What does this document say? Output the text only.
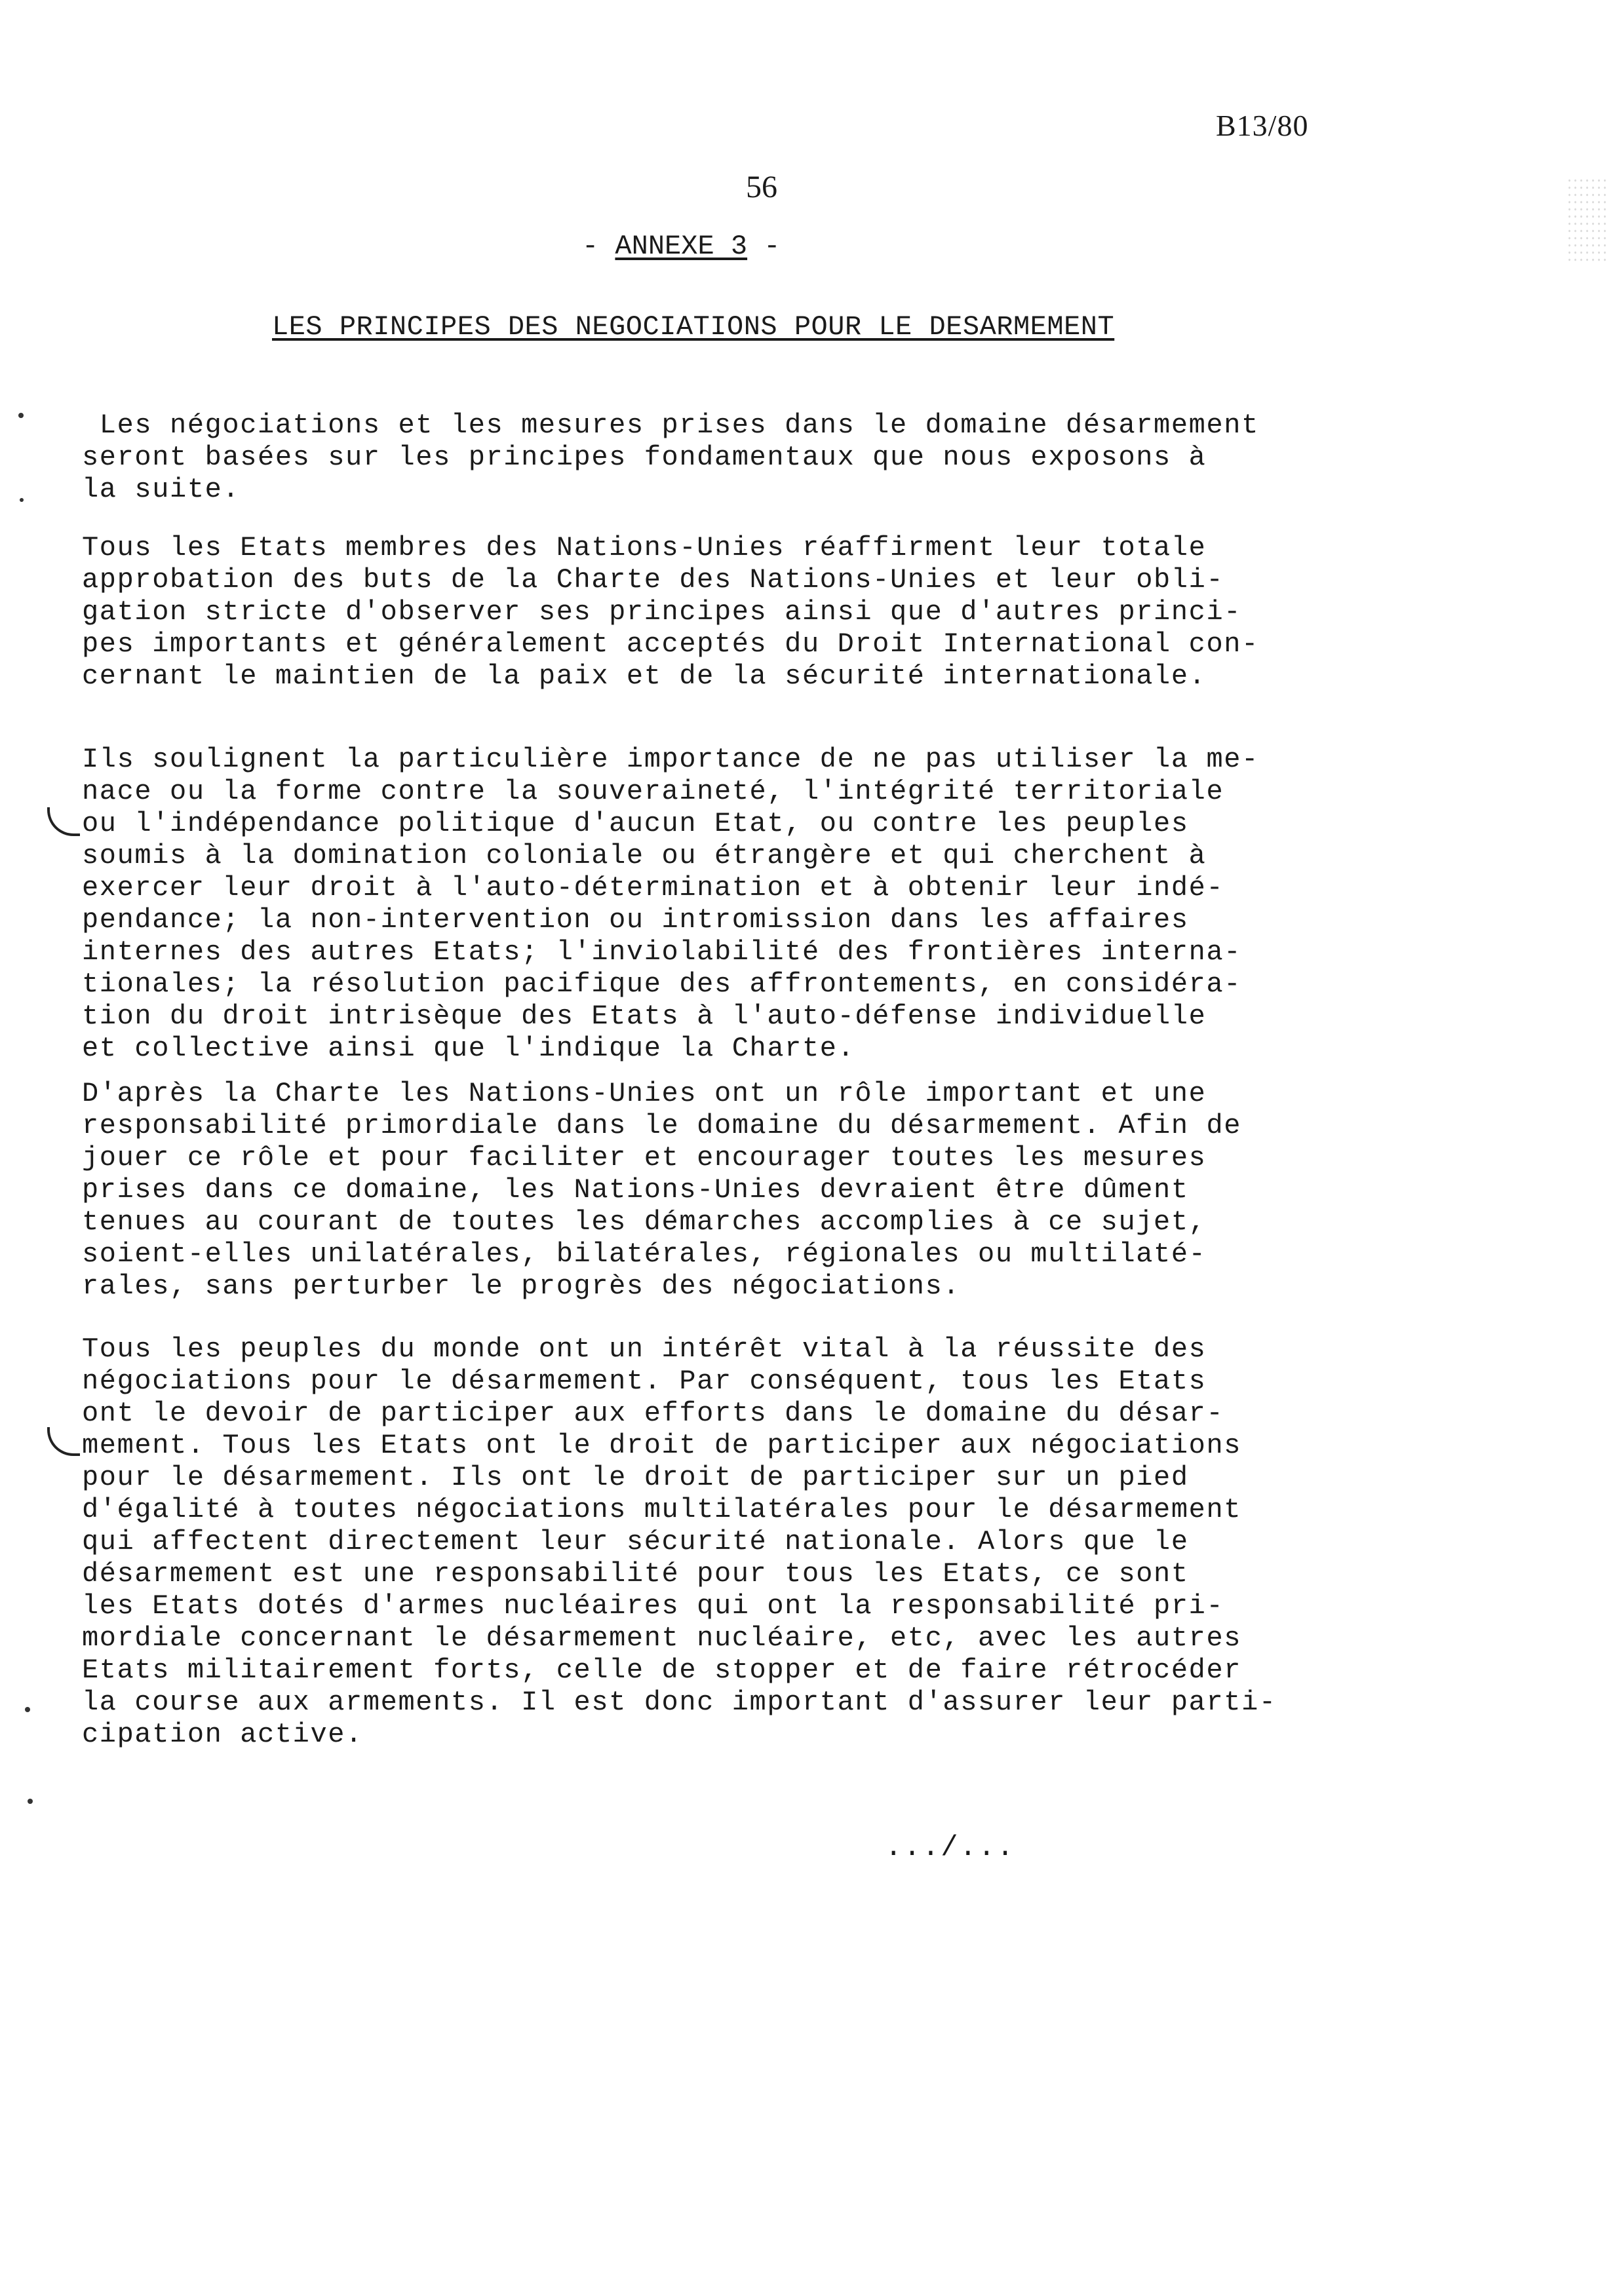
B13/80
56
- ANNEXE 3 -
LES PRINCIPES DES NEGOCIATIONS POUR LE DESARMEMENT
Les négociations et les mesures prises dans le domaine désarmement
seront basées sur les principes fondamentaux que nous exposons à
la suite.
Tous les Etats membres des Nations-Unies réaffirment leur totale
approbation des buts de la Charte des Nations-Unies et leur obli-
gation stricte d'observer ses principes ainsi que d'autres princi-
pes importants et généralement acceptés du Droit International con-
cernant le maintien de la paix et de la sécurité internationale.
Ils soulignent la particulière importance de ne pas utiliser la me-
nace ou la forme contre la souveraineté, l'intégrité territoriale
ou l'indépendance politique d'aucun Etat, ou contre les peuples
soumis à la domination coloniale ou étrangère et qui cherchent à
exercer leur droit à l'auto-détermination et à obtenir leur indé-
pendance; la non-intervention ou intromission dans les affaires
internes des autres Etats; l'inviolabilité des frontières interna-
tionales; la résolution pacifique des affrontements, en considéra-
tion du droit intrisèque des Etats à l'auto-défense individuelle
et collective ainsi que l'indique la Charte.
D'après la Charte les Nations-Unies ont un rôle important et une
responsabilité primordiale dans le domaine du désarmement. Afin de
jouer ce rôle et pour faciliter et encourager toutes les mesures
prises dans ce domaine, les Nations-Unies devraient être dûment
tenues au courant de toutes les démarches accomplies à ce sujet,
soient-elles unilatérales, bilatérales, régionales ou multilaté-
rales, sans perturber le progrès des négociations.
Tous les peuples du monde ont un intérêt vital à la réussite des
négociations pour le désarmement. Par conséquent, tous les Etats
ont le devoir de participer aux efforts dans le domaine du désar-
mement. Tous les Etats ont le droit de participer aux négociations
pour le désarmement. Ils ont le droit de participer sur un pied
d'égalité à toutes négociations multilatérales pour le désarmement
qui affectent directement leur sécurité nationale. Alors que le
désarmement est une responsabilité pour tous les Etats, ce sont
les Etats dotés d'armes nucléaires qui ont la responsabilité pri-
mordiale concernant le désarmement nucléaire, etc, avec les autres
Etats militairement forts, celle de stopper et de faire rétrocéder
la course aux armements. Il est donc important d'assurer leur parti-
cipation active.
.../...
